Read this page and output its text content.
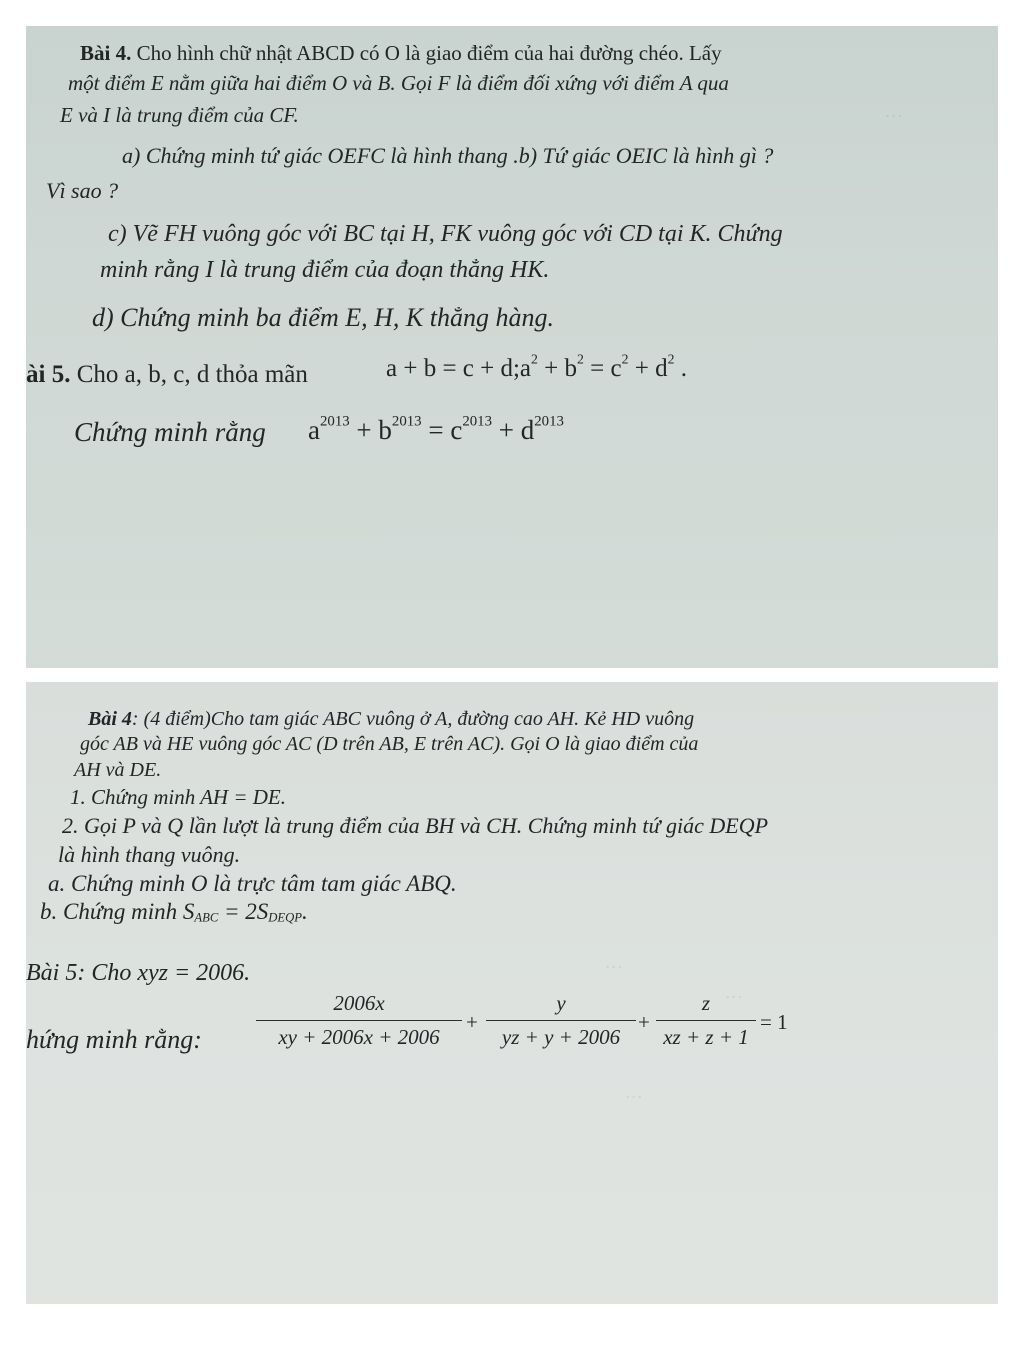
…
Bài 4. Cho hình chữ nhật ABCD có O là giao điểm của hai đường chéo. Lấy
một điểm E nằm giữa hai điểm O và B. Gọi F là điểm đối xứng với điểm A qua
E và I là trung điểm của CF.
a) Chứng minh tứ giác OEFC là hình thang .b) Tứ giác OEIC là hình gì ?
Vì sao ?
c) Vẽ FH vuông góc với BC tại H, FK vuông góc với CD tại K. Chứng
minh rằng I là trung điểm của đoạn thẳng HK.
d) Chứng minh ba điểm E, H, K thẳng hàng.
ài 5. Cho a, b, c, d thỏa mãn	$a + b = c + d;a^2 + b^2 = c^2 + d^2$ .
Chứng minh rằng $a^{2013} + b^{2013} = c^{2013} + d^{2013}$
…
…
…
Bài 4: (4 điểm)Cho tam giác ABC vuông ở A, đường cao AH. Kẻ HD vuông
góc AB và HE vuông góc AC (D trên AB, E trên AC). Gọi O là giao điểm của
AH và DE.
1. Chứng minh AH = DE.
2. Gọi P và Q lần lượt là trung điểm của BH và CH. Chứng minh tứ giác DEQP
là hình thang vuông.
a. Chứng minh O là trực tâm tam giác ABQ.
b. Chứng minh $S_{ABC} = 2S_{DEQP}$.
Bài 5: Cho xyz = 2006.
hứng minh rằng:	$\frac{2006x}{xy + 2006x + 2006} + \frac{y}{yz + y + 2006} + \frac{z}{xz + z + 1} = 1$
